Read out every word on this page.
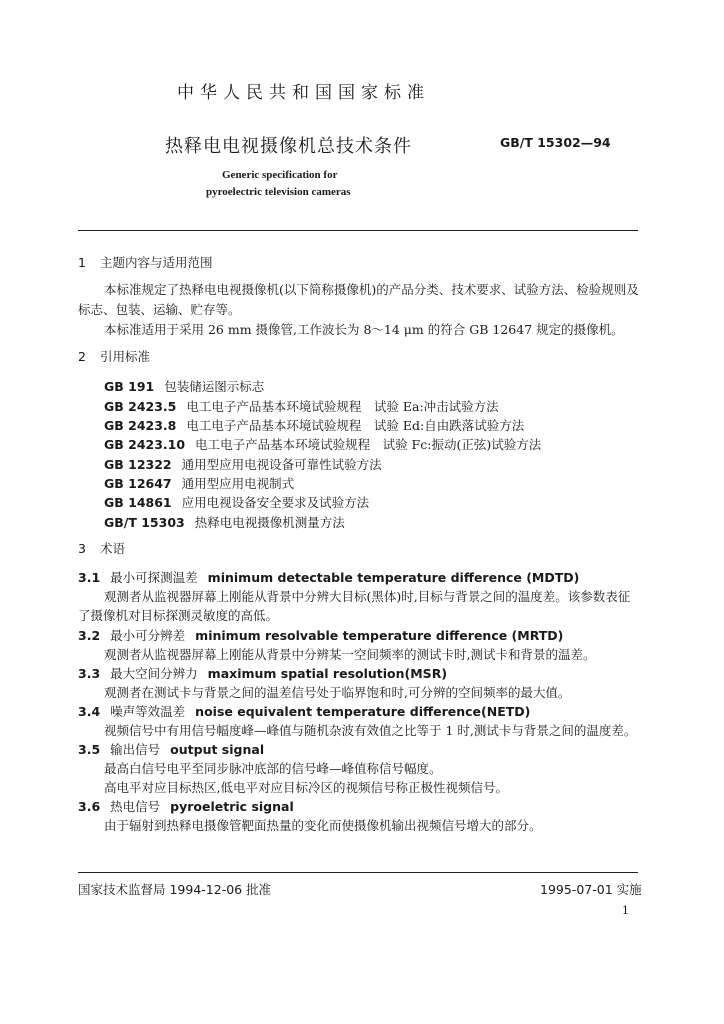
中华人民共和国国家标准
热释电电视摄像机总技术条件	GB/T 15302—94
Generic specification for
pyroelectric television cameras
1 主题内容与适用范围
本标准规定了热释电电视摄像机(以下简称摄像机)的产品分类、技术要求、试验方法、检验规则及
标志、包装、运输、贮存等。
本标准适用于采用 26 mm 摄像管,工作波长为 8～14 μm 的符合 GB 12647 规定的摄像机。
2 引用标准
GB 191 包装储运图示标志
GB 2423.5 电工电子产品基本环境试验规程　试验 Ea:冲击试验方法
GB 2423.8 电工电子产品基本环境试验规程　试验 Ed:自由跌落试验方法
GB 2423.10 电工电子产品基本环境试验规程　试验 Fc:振动(正弦)试验方法
GB 12322 通用型应用电视设备可靠性试验方法
GB 12647 通用型应用电视制式
GB 14861 应用电视设备安全要求及试验方法
GB/T 15303 热释电电视摄像机测量方法
3 术语
3.1 最小可探测温差 minimum detectable temperature difference (MDTD)
观测者从监视器屏幕上刚能从背景中分辨大目标(黑体)时,目标与背景之间的温度差。该参数表征
了摄像机对目标探测灵敏度的高低。
3.2 最小可分辨差 minimum resolvable temperature difference (MRTD)
观测者从监视器屏幕上刚能从背景中分辨某一空间频率的测试卡时,测试卡和背景的温差。
3.3 最大空间分辨力 maximum spatial resolution(MSR)
观测者在测试卡与背景之间的温差信号处于临界饱和时,可分辨的空间频率的最大值。
3.4 噪声等效温差 noise equivalent temperature difference(NETD)
视频信号中有用信号幅度峰—峰值与随机杂波有效值之比等于 1 时,测试卡与背景之间的温度差。
3.5 输出信号 output signal
最高白信号电平至同步脉冲底部的信号峰—峰值称信号幅度。
高电平对应目标热区,低电平对应目标冷区的视频信号称正极性视频信号。
3.6 热电信号 pyroeletric signal
由于辐射到热释电摄像管靶面热量的变化而使摄像机输出视频信号增大的部分。
国家技术监督局 1994-12-06 批准	1995-07-01 实施
1
